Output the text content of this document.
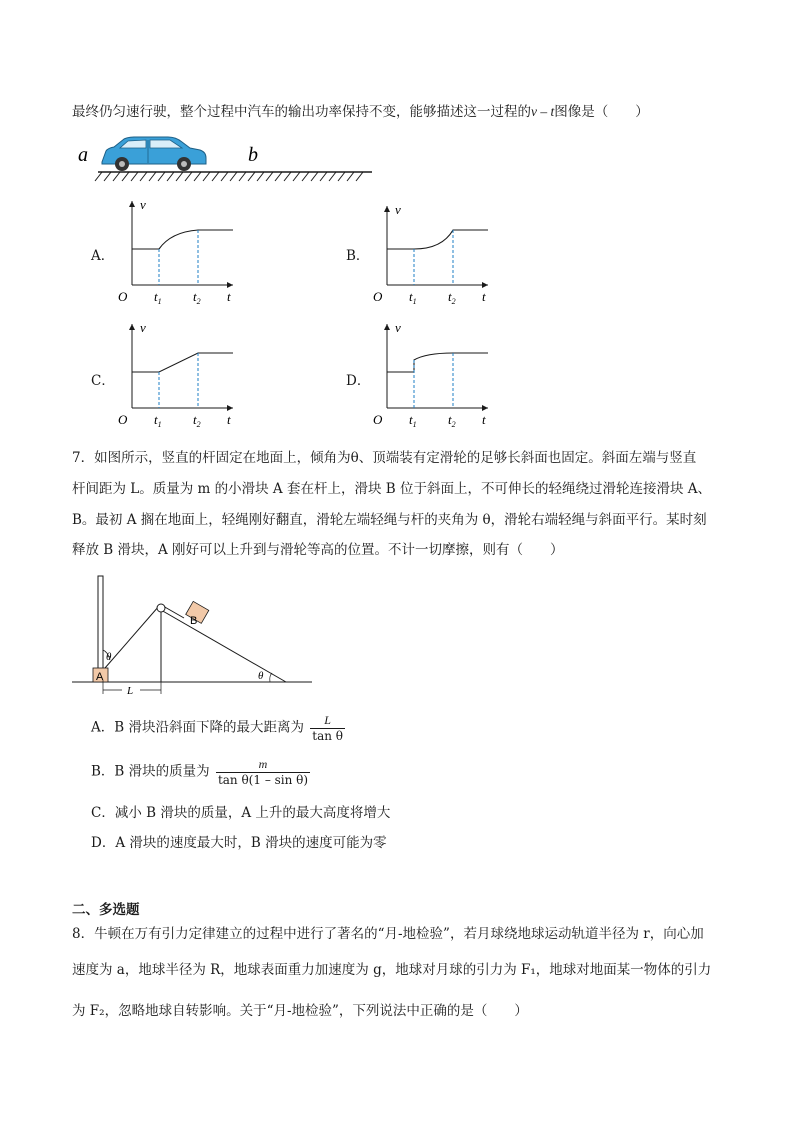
最终仍匀速行驶，整个过程中汽车的输出功率保持不变，能够描述这一过程的v – t图像是（　　）
a	b
A．	B．
C．	D．
v
t
O $t_1$ $t_2$
v
t
O $t_1$ $t_2$
v
t
O $t_1$ $t_2$
v
t
O $t_1$ $t_2$
7．如图所示，竖直的杆固定在地面上，倾角为θ、顶端装有定滑轮的足够长斜面也固定。斜面左端与竖直
杆间距为 L。质量为 m 的小滑块 A 套在杆上，滑块 B 位于斜面上，不可伸长的轻绳绕过滑轮连接滑块 A、
B。最初 A 搁在地面上，轻绳刚好翻直，滑轮左端轻绳与杆的夹角为 θ，滑轮右端轻绳与斜面平行。某时刻
释放 B 滑块，A 刚好可以上升到与滑轮等高的位置。不计一切摩擦，则有（　　）
A
B
θ
θ
L
A．B 滑块沿斜面下降的最大距离为 $\frac{L}{\text{tan θ}}$
B．B 滑块的质量为 $\frac{m}{\text{tan θ(1 – sin θ)}}$
C．减小 B 滑块的质量，A 上升的最大高度将增大
D．A 滑块的速度最大时，B 滑块的速度可能为零
二、多选题
8．牛顿在万有引力定律建立的过程中进行了著名的“月-地检验”，若月球绕地球运动轨道半径为 r，向心加
速度为 a，地球半径为 R，地球表面重力加速度为 g，地球对月球的引力为 F₁，地球对地面某一物体的引力
为 F₂，忽略地球自转影响。关于“月-地检验”，下列说法中正确的是（　　）
